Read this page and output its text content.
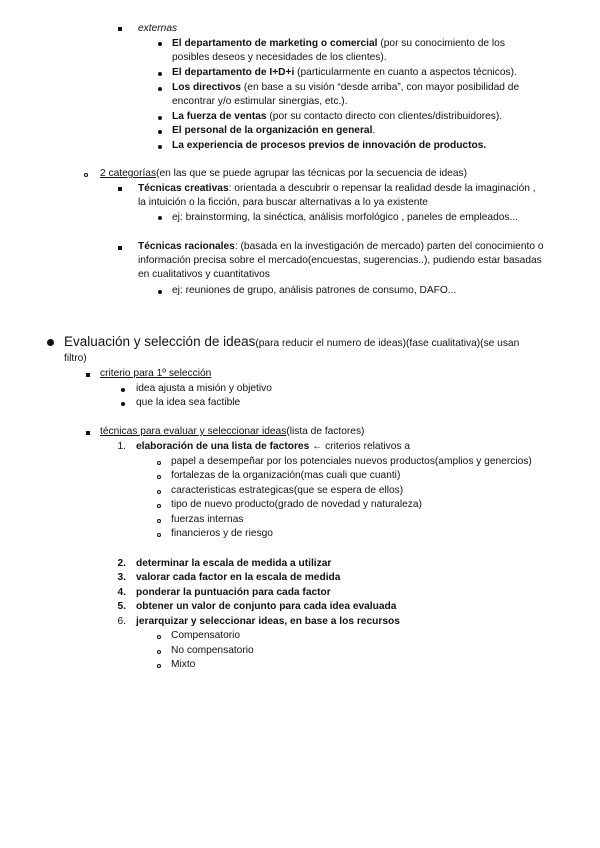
externas
El departamento de marketing o comercial (por su conocimiento de los
posibles deseos y necesidades de los clientes).
El departamento de I+D+i (particularmente en cuanto a aspectos técnicos).
Los directivos (en base a su visión “desde arriba”, con mayor posibilidad de
encontrar y/o estimular sinergias, etc.).
La fuerza de ventas (por su contacto directo con clientes/distribuidores).
El personal de la organización en general.
La experiencia de procesos previos de innovación de productos.
2 categorías(en las que se puede agrupar las técnicas por la secuencia de ideas)
Técnicas creativas: orientada a descubrir o repensar la realidad desde la imaginación ,
la intuición o la ficción, para buscar alternativas a lo ya existente
ej: brainstorming, la sinéctica, análisis morfológico , paneles de empleados...
Técnicas racionales: (basada en la investigación de mercado) parten del conocimiento o
información precisa sobre el mercado(encuestas, sugerencias..), pudiendo estar basadas
en cualitativos y cuantitativos
ej: reuniones de grupo, análisis patrones de consumo, DAFO...
Evaluación y selección de ideas(para reducir el numero de ideas)(fase cualitativa)(se usan
filtro)
criterio para 1º selección
idea ajusta a misión y objetivo
que la idea sea factible
técnicas para evaluar y seleccionar ideas(lista de factores)
1. elaboración de una lista de factores ← criterios relativos a
papel a desempeñar por los potenciales nuevos productos(amplios y genercios)
fortalezas de la organización(mas cuali que cuanti)
caracteristicas estrategicas(que se espera de ellos)
tipo de nuevo producto(grado de novedad y naturaleza)
fuerzas internas
financieros y de riesgo
2. determinar la escala de medida a utilizar
3. valorar cada factor en la escala de medida
4. ponderar la puntuación para cada factor
5. obtener un valor de conjunto para cada idea evaluada
6. jerarquizar y seleccionar ideas, en base a los recursos
Compensatorio
No compensatorio
Mixto
